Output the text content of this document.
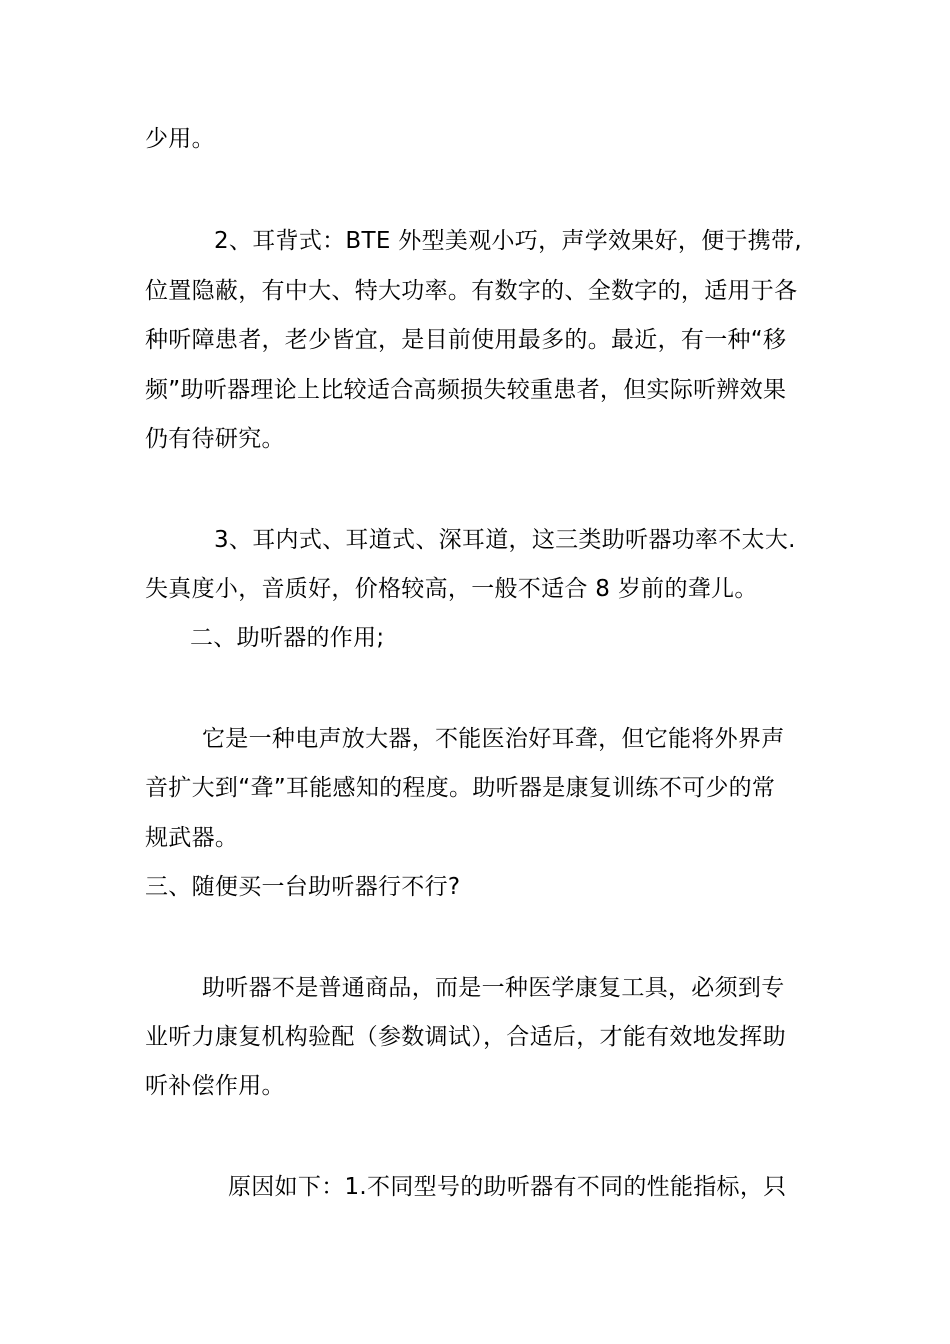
少用。
2、耳背式：BTE 外型美观小巧，声学效果好，便于携带,
位置隐蔽，有中大、特大功率。有数字的、全数字的，适用于各
种听障患者，老少皆宜，是目前使用最多的。最近，有一种“移
频”助听器理论上比较适合高频损失较重患者，但实际听辨效果
仍有待研究。
3、耳内式、耳道式、深耳道，这三类助听器功率不太大.
失真度小，音质好，价格较高，一般不适合 8 岁前的聋儿。
二、助听器的作用;
它是一种电声放大器，不能医治好耳聋，但它能将外界声
音扩大到“聋”耳能感知的程度。助听器是康复训练不可少的常
规武器。
三、随便买一台助听器行不行?
助听器不是普通商品，而是一种医学康复工具，必须到专
业听力康复机构验配（参数调试），合适后，才能有效地发挥助
听补偿作用。
原因如下：1.不同型号的助听器有不同的性能指标，只
